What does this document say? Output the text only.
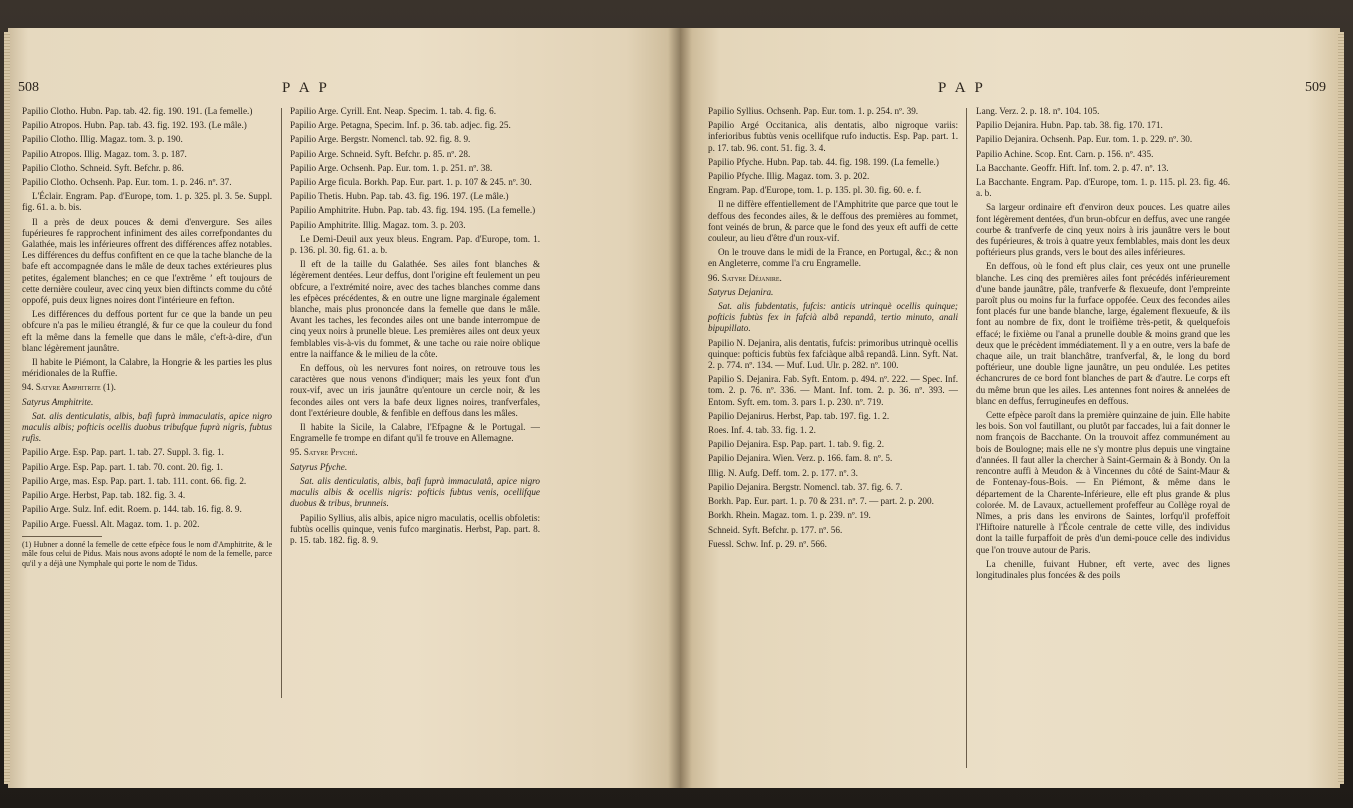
508	P A P

Papilio Clotho. Hubn. Pap. tab. 42. fig. 190. 191. (La femelle.)

Papilio Atropos. Hubn. Pap. tab. 43. fig. 192. 193. (Le mâle.)

Papilio Clotho. Illig. Magaz. tom. 3. p. 190.

Papilio Atropos. Illig. Magaz. tom. 3. p. 187.

Papilio Clotho. Schneid. Syft. Befchr. p. 86.

Papilio Clotho. Ochsenh. Pap. Eur. tom. 1. p. 246. nº. 37.

L'Éclair. Engram. Pap. d'Europe, tom. 1. p. 325. pl. 3. 5e. Suppl. fig. 61. a. b. bis.

Il a près de deux pouces & demi d'envergure. Ses ailes fupérieures fe rapprochent infiniment des ailes correfpondantes du Galathée, mais les inférieures offrent des différences affez notables. Les différences du deffus confiftent en ce que la tache blanche de la bafe eft accompagnée dans le mâle de deux taches extérieures plus petites, également blanches; en ce que l'extrême ʼ eft toujours de cette dernière couleur, avec cinq yeux bien diftincts comme du côté oppofé, puis deux lignes noires dont l'intérieure en fefton.

Les différences du deffous portent fur ce que la bande un peu obfcure n'a pas le milieu étranglé, & fur ce que la couleur du fond eft la même dans la femelle que dans le mâle, c'eft-à-dire, d'un blanc légèrement jaunâtre.

Il habite le Piémont, la Calabre, la Hongrie & les parties les plus méridionales de la Ruffie.

94. Satyre Amphitrite (1).

Satyrus Amphitrite.

Sat. alis denticulatis, albis, bafi fuprà immaculatis, apice nigro maculis albis; pofticis ocellis duobus tribufque fuprà nigris, fubtus rufis.

Papilio Arge. Esp. Pap. part. 1. tab. 27. Suppl. 3. fig. 1.

Papilio Arge. Esp. Pap. part. 1. tab. 70. cont. 20. fig. 1.

Papilio Arge, mas. Esp. Pap. part. 1. tab. 111. cont. 66. fig. 2.

Papilio Arge. Herbst, Pap. tab. 182. fig. 3. 4.

Papilio Arge. Sulz. Inf. edit. Roem. p. 144. tab. 16. fig. 8. 9.

Papilio Arge. Fuessl. Alt. Magaz. tom. 1. p. 202.

(1) Hubner a donné la femelle de cette efpèce fous le nom d'Amphitrite, & le mâle fous celui de Pidus. Mais nous avons adopté le nom de la femelle, parce qu'il y a déjà une Nymphale qui porte le nom de Tidus.

Papilio Arge. Cyrill. Ent. Neap. Specim. 1. tab. 4. fig. 6.

Papilio Arge. Petagna, Specim. Inf. p. 36. tab. adjec. fig. 25.

Papilio Arge. Bergstr. Nomencl. tab. 92. fig. 8. 9.

Papilio Arge. Schneid. Syft. Befchr. p. 85. nº. 28.

Papilio Arge. Ochsenh. Pap. Eur. tom. 1. p. 251. nº. 38.

Papilio Arge ficula. Borkh. Pap. Eur. part. 1. p. 107 & 245. nº. 30.

Papilio Thetis. Hubn. Pap. tab. 43. fig. 196. 197. (Le mâle.)

Papilio Amphitrite. Hubn. Pap. tab. 43. fig. 194. 195. (La femelle.)

Papilio Amphitrite. Illig. Magaz. tom. 3. p. 203.

Le Demi-Deuil aux yeux bleus. Engram. Pap. d'Europe, tom. 1. p. 136. pl. 30. fig. 61. a. b.

Il eft de la taille du Galathée. Ses ailes font blanches & légèrement dentées. Leur deffus, dont l'origine eft feulement un peu obfcure, a l'extrémité noire, avec des taches blanches comme dans les efpèces précédentes, & en outre une ligne marginale également blanche, mais plus prononcée dans la femelle que dans le mâle. Avant les taches, les fecondes ailes ont une bande interrompue de cinq yeux noirs à prunelle bleue. Les premières ailes ont deux yeux femblables vis-à-vis du fommet, & une tache ou raie noire oblique entre la naiffance & le milieu de la côte.

En deffous, où les nervures font noires, on retrouve tous les caractères que nous venons d'indiquer; mais les yeux font d'un roux-vif, avec un iris jaunâtre qu'entoure un cercle noir, & les fecondes ailes ont vers la bafe deux lignes noires, tranfverfales, dont l'extérieure double, & fenfible en deffous dans les mâles.

Il habite la Sicile, la Calabre, l'Efpagne & le Portugal. — Engramelle fe trompe en difant qu'il fe trouve en Allemagne.

95. Satyre Pfyché.

Satyrus Pfyche.

Sat. alis denticulatis, albis, bafi fuprà immaculatâ, apice nigro maculis albis & ocellis nigris: pofticis fubtus venis, ocellifque duobus & tribus, brunneis.

Papilio Syllius, alis albis, apice nigro maculatis, ocellis obfoletis: fubtùs ocellis quinque, venis fufco marginatis. Herbst, Pap. part. 8. p. 15. tab. 182. fig. 8. 9.

P A P	509

Papilio Syllius. Ochsenh. Pap. Eur. tom. 1. p. 254. nº. 39.

Papilio Argé Occitanica, alis dentatis, albo nigroque variis: inferioribus fubtùs venis ocellifque rufo inductis. Esp. Pap. part. 1. p. 17. tab. 96. cont. 51. fig. 3. 4.

Papilio Pfyche. Hubn. Pap. tab. 44. fig. 198. 199. (La femelle.)

Papilio Pfyche. Illig. Magaz. tom. 3. p. 202.

Engram. Pap. d'Europe, tom. 1. p. 135. pl. 30. fig. 60. e. f.

Il ne diffère effentiellement de l'Amphitrite que parce que tout le deffous des fecondes ailes, & le deffous des premières au fommet, font veinés de brun, & parce que le fond des yeux eft auffi de cette couleur, au lieu d'être d'un roux-vif.

On le trouve dans le midi de la France, en Portugal, &c.; & non en Angleterre, comme l'a cru Engramelle.

96. Satyre Déjanire.

Satyrus Dejanira.

Sat. alis fubdentatis, fufcis: anticis utrinquè ocellis quinque; pofticis fubtùs fex in fafcià albâ repandâ, tertio minuto, anali bipupillato.

Papilio N. Dejanira, alis dentatis, fufcis: primoribus utrinquè ocellis quinque: pofticis fubtùs fex fafciàque albâ repandâ. Linn. Syft. Nat. 2. p. 774. nº. 134. — Muf. Lud. Ulr. p. 282. nº. 100.

Papilio S. Dejanira. Fab. Syft. Entom. p. 494. nº. 222. — Spec. Inf. tom. 2. p. 76. nº. 336. — Mant. Inf. tom. 2. p. 36. nº. 393. — Entom. Syft. em. tom. 3. pars 1. p. 230. nº. 719.

Papilio Dejanirus. Herbst, Pap. tab. 197. fig. 1. 2.

Roes. Inf. 4. tab. 33. fig. 1. 2.

Papilio Dejanira. Esp. Pap. part. 1. tab. 9. fig. 2.

Papilio Dejanira. Wien. Verz. p. 166. fam. 8. nº. 5.

Illig. N. Aufg. Deff. tom. 2. p. 177. nº. 3.

Papilio Dejanira. Bergstr. Nomencl. tab. 37. fig. 6. 7.

Borkh. Pap. Eur. part. 1. p. 70 & 231. nº. 7. — part. 2. p. 200.

Borkh. Rhein. Magaz. tom. 1. p. 239. nº. 19.

Schneid. Syft. Befchr. p. 177. nº. 56.

Fuessl. Schw. Inf. p. 29. nº. 566.

Lang. Verz. 2. p. 18. nº. 104. 105.

Papilio Dejanira. Hubn. Pap. tab. 38. fig. 170. 171.

Papilio Dejanira. Ochsenh. Pap. Eur. tom. 1. p. 229. nº. 30.

Papilio Achine. Scop. Ent. Carn. p. 156. nº. 435.

La Bacchante. Geoffr. Hift. Inf. tom. 2. p. 47. nº. 13.

La Bacchante. Engram. Pap. d'Europe, tom. 1. p. 115. pl. 23. fig. 46. a. b.

Sa largeur ordinaire eft d'environ deux pouces. Les quatre ailes font légèrement dentées, d'un brun-obfcur en deffus, avec une rangée courbe & tranfverfe de cinq yeux noirs à iris jaunâtre vers le bout des fupérieures, & trois à quatre yeux femblables, mais dont les deux poftérieurs plus grands, vers le bout des ailes inférieures.

En deffous, où le fond eft plus clair, ces yeux ont une prunelle blanche. Les cinq des premières ailes font précédés inférieurement d'une bande jaunâtre, pâle, tranfverfe & flexueufe, dont l'empreinte paroît plus ou moins fur la furface oppofée. Ceux des fecondes ailes font placés fur une bande blanche, large, également flexueufe, & ils font au nombre de fix, dont le troifième très-petit, & quelquefois effacé; le fixième ou l'anal a prunelle double & moins grand que les deux que le précèdent immédiatement. Il y a en outre, vers la bafe de chaque aile, un trait blanchâtre, tranfverfal, &, le long du bord poftérieur, une double ligne jaunâtre, un peu ondulée. Les petites échancrures de ce bord font blanches de part & d'autre. Le corps eft du même brun que les ailes. Les antennes font noires & annelées de blanc en deffus, ferrugineufes en deffous.

Cette efpèce paroît dans la première quinzaine de juin. Elle habite les bois. Son vol fautillant, ou plutôt par faccades, lui a fait donner le nom françois de Bacchante. On la trouvoit affez communément au bois de Boulogne; mais elle ne s'y montre plus depuis une vingtaine d'années. Il faut aller la chercher à Saint-Germain & à Bondy. On la rencontre auffi à Meudon & à Vincennes du côté de Saint-Maur & de Fontenay-fous-Bois. — En Piémont, & même dans le département de la Charente-Inférieure, elle eft plus grande & plus colorée. M. de Lavaux, actuellement profeffeur au Collège royal de Nîmes, a pris dans les environs de Saintes, lorfqu'il profeffoit l'Hiftoire naturelle à l'École centrale de cette ville, des individus dont la taille furpaffoit de près d'un demi-pouce celle des individus que l'on trouve autour de Paris.

La chenille, fuivant Hubner, eft verte, avec des lignes longitudinales plus foncées & des poils
